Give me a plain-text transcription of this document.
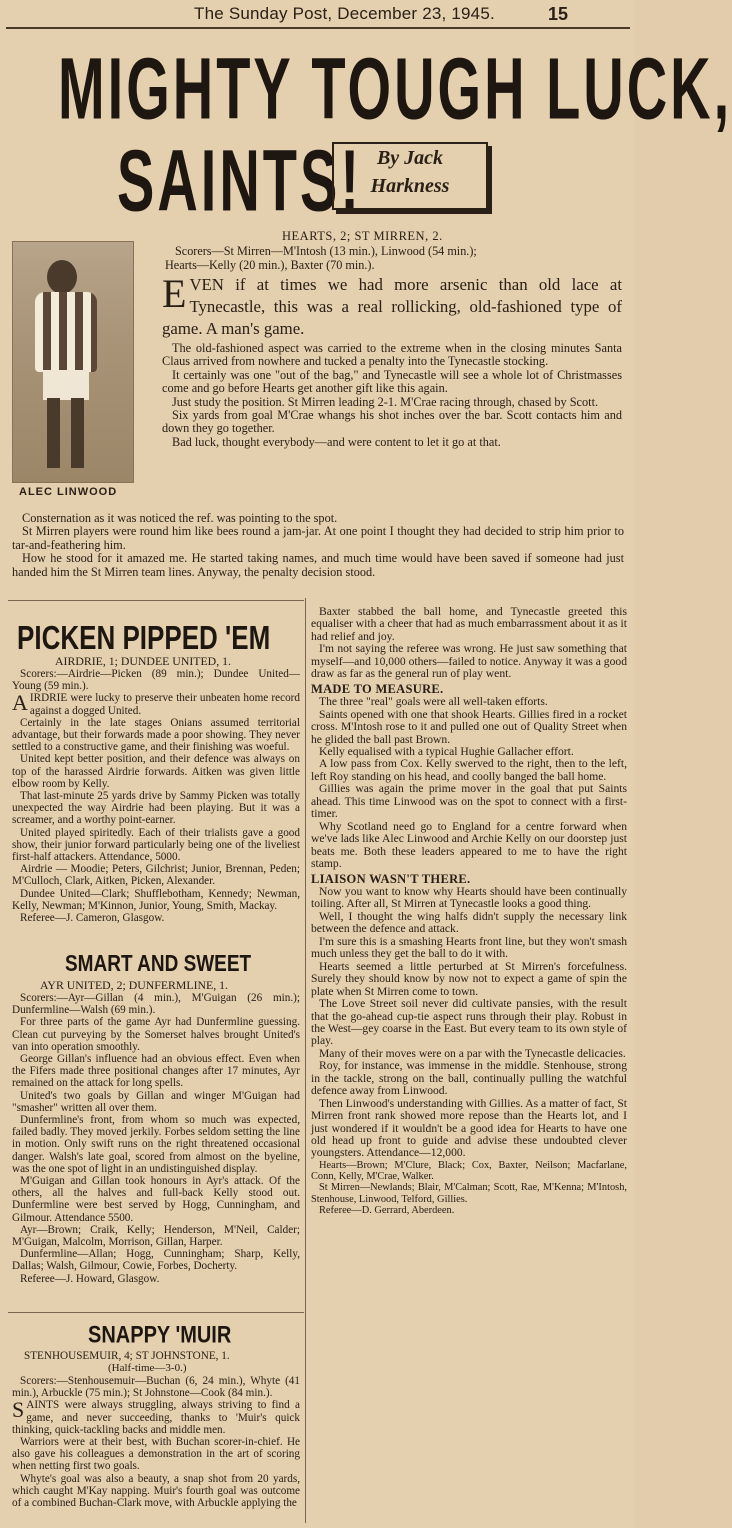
The Sunday Post, December 23, 1945.	15
MIGHTY TOUGH LUCK,
SAINTS! By Jack
Harkness
HEARTS, 2; ST MIRREN, 2.
Scorers—St Mirren—M'Intosh (13 min.), Linwood (54 min.);
Hearts—Kelly (20 min.), Baxter (70 min.).
ALEC LINWOOD
EVEN if at times we had more arsenic than old lace at Tynecastle, this was a real rollicking, old-fashioned type of game. A man's game.

The old-fashioned aspect was carried to the extreme when in the closing minutes Santa Claus arrived from nowhere and tucked a penalty into the Tynecastle stocking.

It certainly was one "out of the bag," and Tynecastle will see a whole lot of Christmasses come and go before Hearts get another gift like this again.

Just study the position. St Mirren leading 2-1. M'Crae racing through, chased by Scott.

Six yards from goal M'Crae whangs his shot inches over the bar. Scott contacts him and down they go together.

Bad luck, thought everybody—and were content to let it go at that.

Consternation as it was noticed the ref. was pointing to the spot.

St Mirren players were round him like bees round a jam-jar. At one point I thought they had decided to strip him prior to tar-and-feathering him.

How he stood for it amazed me. He started taking names, and much time would have been saved if someone had just handed him the St Mirren team lines. Anyway, the penalty decision stood.

PICKEN PIPPED 'EM
AIRDRIE, 1; DUNDEE UNITED, 1.

Scorers:—Airdrie—Picken (89 min.); Dundee United—Young (59 min.).

AIRDRIE were lucky to preserve their unbeaten home record against a dogged United.

Certainly in the late stages Onians assumed territorial advantage, but their forwards made a poor showing. They never settled to a constructive game, and their finishing was woeful.

United kept better position, and their defence was always on top of the harassed Airdrie forwards. Aitken was given little elbow room by Kelly.

That last-minute 25 yards drive by Sammy Picken was totally unexpected the way Airdrie had been playing. But it was a screamer, and a worthy point-earner.

United played spiritedly. Each of their trialists gave a good show, their junior forward particularly being one of the liveliest first-half attackers. Attendance, 5000.

Airdrie — Moodie; Peters, Gilchrist; Junior, Brennan, Peden; M'Culloch, Clark, Aitken, Picken, Alexander.

Dundee United—Clark; Shufflebotham, Kennedy; Newman, Kelly, Newman; M'Kinnon, Junior, Young, Smith, Mackay.

Referee—J. Cameron, Glasgow.

SMART AND SWEET
AYR UNITED, 2; DUNFERMLINE, 1.

Scorers:—Ayr—Gillan (4 min.), M'Guigan (26 min.); Dunfermline—Walsh (69 min.).

For three parts of the game Ayr had Dunfermline guessing. Clean cut purveying by the Somerset halves brought United's van into operation smoothly.

George Gillan's influence had an obvious effect. Even when the Fifers made three positional changes after 17 minutes, Ayr remained on the attack for long spells.

United's two goals by Gillan and winger M'Guigan had "smasher" written all over them.

Dunfermline's front, from whom so much was expected, failed badly. They moved jerkily. Forbes seldom setting the line in motion. Only swift runs on the right threatened occasional danger. Walsh's late goal, scored from almost on the byeline, was the one spot of light in an undistinguished display.

M'Guigan and Gillan took honours in Ayr's attack. Of the others, all the halves and full-back Kelly stood out. Dunfermline were best served by Hogg, Cunningham, and Gilmour. Attendance 5500.

Ayr—Brown; Craik, Kelly; Henderson, M'Neil, Calder; M'Guigan, Malcolm, Morrison, Gillan, Harper.

Dunfermline—Allan; Hogg, Cunningham; Sharp, Kelly, Dallas; Walsh, Gilmour, Cowie, Forbes, Docherty.

Referee—J. Howard, Glasgow.

SNAPPY 'MUIR
STENHOUSEMUIR, 4; ST JOHNSTONE, 1.
(Half-time—3-0.)

Scorers:—Stenhousemuir—Buchan (6, 24 min.), Whyte (41 min.), Arbuckle (75 min.); St Johnstone—Cook (84 min.).

SAINTS were always struggling, always striving to find a game, and never succeeding, thanks to 'Muir's quick thinking, quick-tackling backs and middle men.

Warriors were at their best, with Buchan scorer-in-chief. He also gave his colleagues a demonstration in the art of scoring when netting first two goals.

Whyte's goal was also a beauty, a snap shot from 20 yards, which caught M'Kay napping. Muir's fourth goal was outcome of a combined Buchan-Clark move, with Arbuckle applying the

Baxter stabbed the ball home, and Tynecastle greeted this equaliser with a cheer that had as much embarrassment about it as it had relief and joy.

I'm not saying the referee was wrong. He just saw something that myself—and 10,000 others—failed to notice. Anyway it was a good draw as far as the general run of play went.

MADE TO MEASURE.

The three "real" goals were all well-taken efforts.

Saints opened with one that shook Hearts. Gillies fired in a rocket cross. M'Intosh rose to it and pulled one out of Quality Street when he glided the ball past Brown.

Kelly equalised with a typical Hughie Gallacher effort.

A low pass from Cox. Kelly swerved to the right, then to the left, left Roy standing on his head, and coolly banged the ball home.

Gillies was again the prime mover in the goal that put Saints ahead. This time Linwood was on the spot to connect with a first-timer.

Why Scotland need go to England for a centre forward when we've lads like Alec Linwood and Archie Kelly on our doorstep just beats me. Both these leaders appeared to me to have the right stamp.

LIAISON WASN'T THERE.

Now you want to know why Hearts should have been continually toiling. After all, St Mirren at Tynecastle looks a good thing.

Well, I thought the wing halfs didn't supply the necessary link between the defence and attack.

I'm sure this is a smashing Hearts front line, but they won't smash much unless they get the ball to do it with.

Hearts seemed a little perturbed at St Mirren's forcefulness. Surely they should know by now not to expect a game of spin the plate when St Mirren come to town.

The Love Street soil never did cultivate pansies, with the result that the go-ahead cup-tie aspect runs through their play. Robust in the West—gey coarse in the East. But every team to its own style of play.

Many of their moves were on a par with the Tynecastle delicacies.

Roy, for instance, was immense in the middle. Stenhouse, strong in the tackle, strong on the ball, continually pulling the watchful defence away from Linwood.

Then Linwood's understanding with Gillies. As a matter of fact, St Mirren front rank showed more repose than the Hearts lot, and I just wondered if it wouldn't be a good idea for Hearts to have one old head up front to guide and advise these undoubted clever youngsters. Attendance—12,000.

Hearts—Brown; M'Clure, Black; Cox, Baxter, Neilson; Macfarlane, Conn, Kelly, M'Crae, Walker.

St Mirren—Newlands; Blair, M'Calman; Scott, Rae, M'Kenna; M'Intosh, Stenhouse, Linwood, Telford, Gillies.

Referee—D. Gerrard, Aberdeen.
